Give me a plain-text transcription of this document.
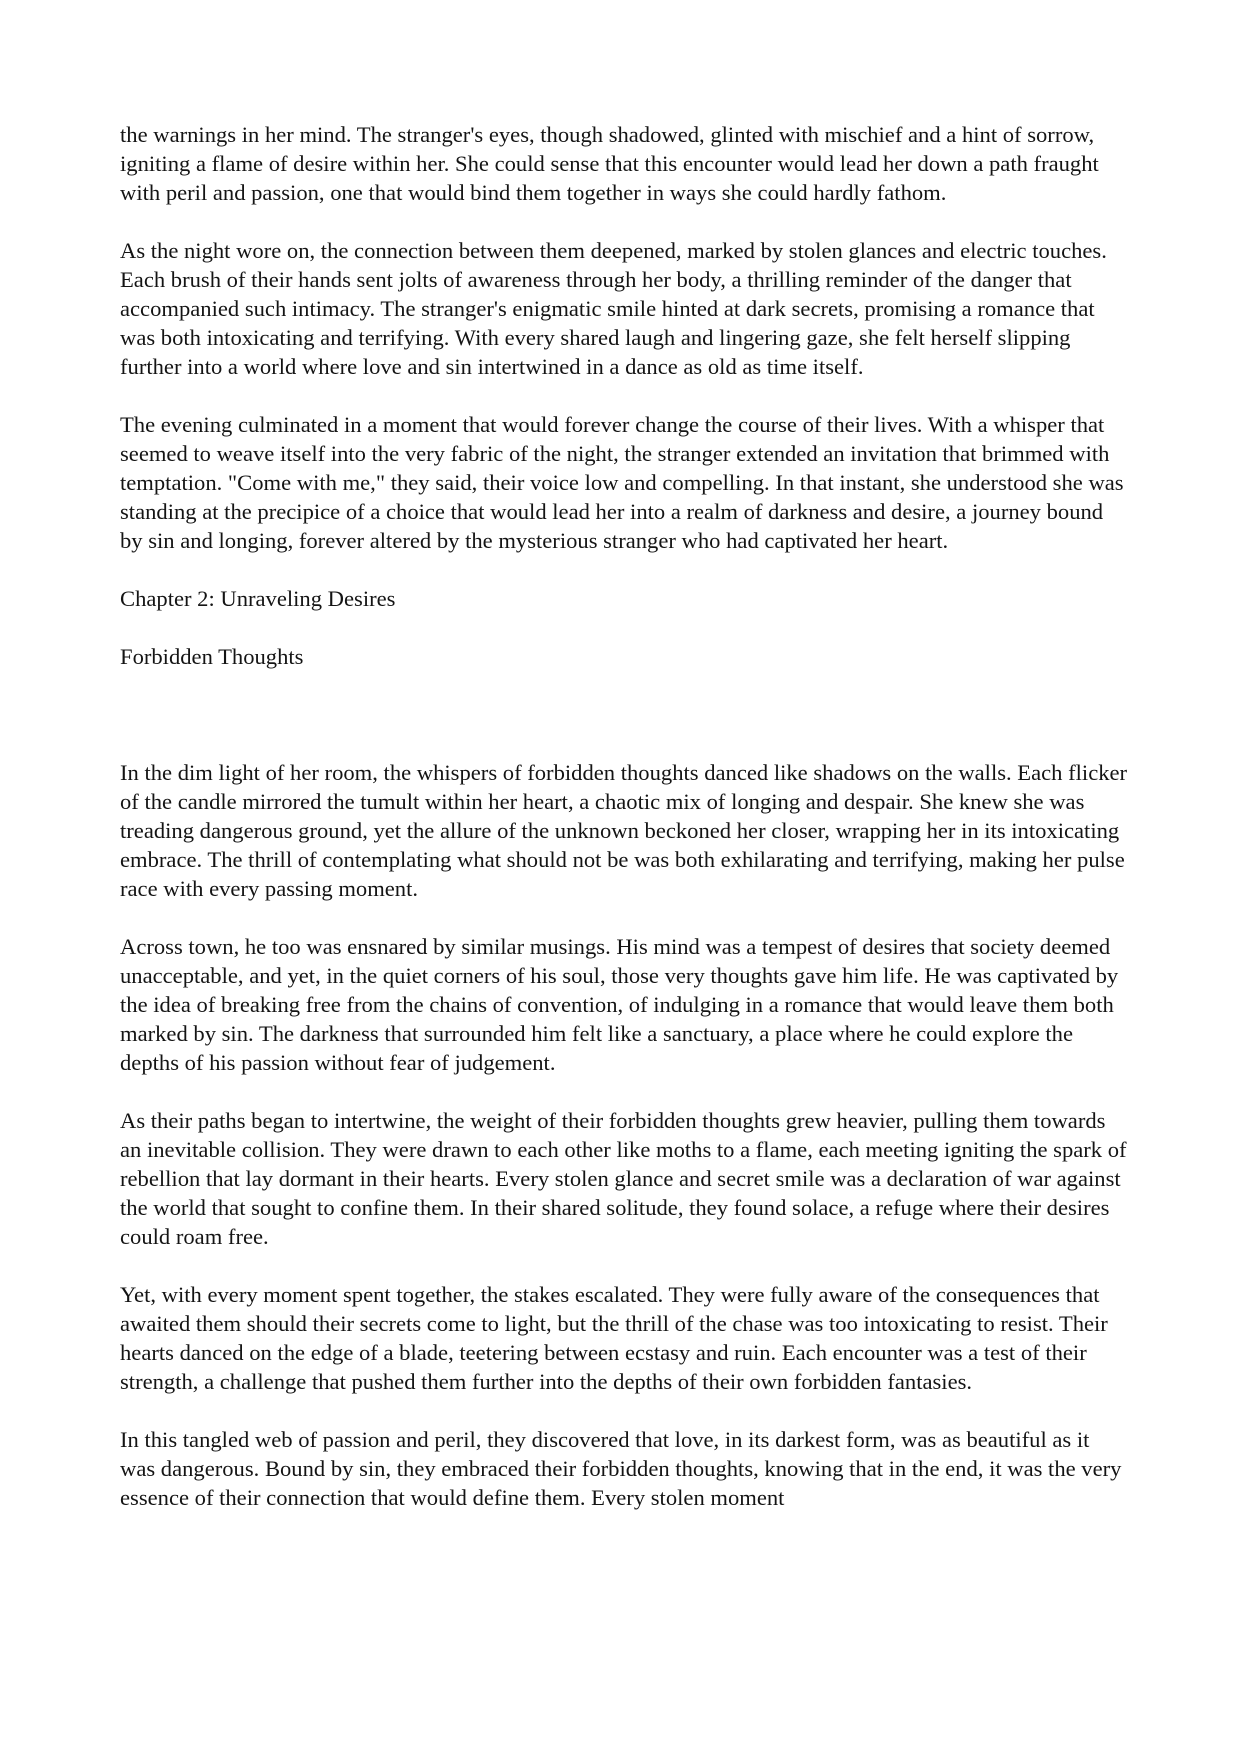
the warnings in her mind. The stranger's eyes, though shadowed, glinted with mischief and a hint of sorrow, igniting a flame of desire within her. She could sense that this encounter would lead her down a path fraught with peril and passion, one that would bind them together in ways she could hardly fathom.

As the night wore on, the connection between them deepened, marked by stolen glances and electric touches. Each brush of their hands sent jolts of awareness through her body, a thrilling reminder of the danger that accompanied such intimacy. The stranger's enigmatic smile hinted at dark secrets, promising a romance that was both intoxicating and terrifying. With every shared laugh and lingering gaze, she felt herself slipping further into a world where love and sin intertwined in a dance as old as time itself.

The evening culminated in a moment that would forever change the course of their lives. With a whisper that seemed to weave itself into the very fabric of the night, the stranger extended an invitation that brimmed with temptation. "Come with me," they said, their voice low and compelling. In that instant, she understood she was standing at the precipice of a choice that would lead her into a realm of darkness and desire, a journey bound by sin and longing, forever altered by the mysterious stranger who had captivated her heart.

Chapter 2: Unraveling Desires

Forbidden Thoughts

In the dim light of her room, the whispers of forbidden thoughts danced like shadows on the walls. Each flicker of the candle mirrored the tumult within her heart, a chaotic mix of longing and despair. She knew she was treading dangerous ground, yet the allure of the unknown beckoned her closer, wrapping her in its intoxicating embrace. The thrill of contemplating what should not be was both exhilarating and terrifying, making her pulse race with every passing moment.

Across town, he too was ensnared by similar musings. His mind was a tempest of desires that society deemed unacceptable, and yet, in the quiet corners of his soul, those very thoughts gave him life. He was captivated by the idea of breaking free from the chains of convention, of indulging in a romance that would leave them both marked by sin. The darkness that surrounded him felt like a sanctuary, a place where he could explore the depths of his passion without fear of judgement.

As their paths began to intertwine, the weight of their forbidden thoughts grew heavier, pulling them towards an inevitable collision. They were drawn to each other like moths to a flame, each meeting igniting the spark of rebellion that lay dormant in their hearts. Every stolen glance and secret smile was a declaration of war against the world that sought to confine them. In their shared solitude, they found solace, a refuge where their desires could roam free.

Yet, with every moment spent together, the stakes escalated. They were fully aware of the consequences that awaited them should their secrets come to light, but the thrill of the chase was too intoxicating to resist. Their hearts danced on the edge of a blade, teetering between ecstasy and ruin. Each encounter was a test of their strength, a challenge that pushed them further into the depths of their own forbidden fantasies.

In this tangled web of passion and peril, they discovered that love, in its darkest form, was as beautiful as it was dangerous. Bound by sin, they embraced their forbidden thoughts, knowing that in the end, it was the very essence of their connection that would define them. Every stolen moment
